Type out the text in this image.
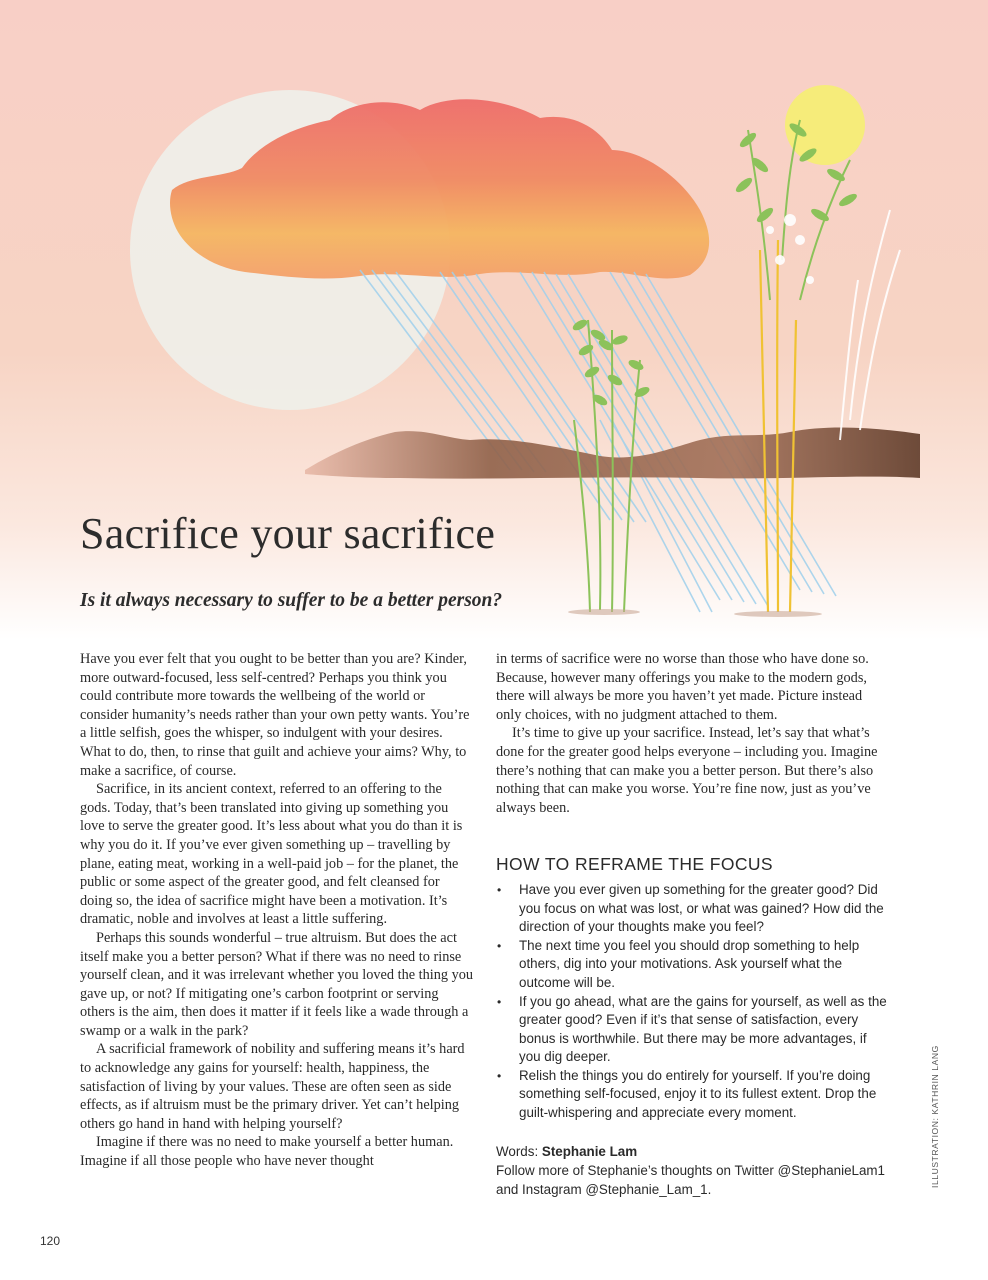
Sacrifice your sacrifice
Is it always necessary to suffer to be a better person?

Have you ever felt that you ought to be better than you are? Kinder, more outward-focused, less self-centred? Perhaps you think you could contribute more towards the wellbeing of the world or consider humanity’s needs rather than your own petty wants. You’re a little selfish, goes the whisper, so indulgent with your desires. What to do, then, to rinse that guilt and achieve your aims? Why, to make a sacrifice, of course.

Sacrifice, in its ancient context, referred to an offering to the gods. Today, that’s been translated into giving up something you love to serve the greater good. It’s less about what you do than it is why you do it. If you’ve ever given something up – travelling by plane, eating meat, working in a well-paid job – for the planet, the public or some aspect of the greater good, and felt cleansed for doing so, the idea of sacrifice might have been a motivation. It’s dramatic, noble and involves at least a little suffering.

Perhaps this sounds wonderful – true altruism. But does the act itself make you a better person? What if there was no need to rinse yourself clean, and it was irrelevant whether you loved the thing you gave up, or not? If mitigating one’s carbon footprint or serving others is the aim, then does it matter if it feels like a wade through a swamp or a walk in the park?

A sacrificial framework of nobility and suffering means it’s hard to acknowledge any gains for yourself: health, happiness, the satisfaction of living by your values. These are often seen as side effects, as if altruism must be the primary driver. Yet can’t helping others go hand in hand with helping yourself?

Imagine if there was no need to make yourself a better human. Imagine if all those people who have never thought

in terms of sacrifice were no worse than those who have done so. Because, however many offerings you make to the modern gods, there will always be more you haven’t yet made. Picture instead only choices, with no judgment attached to them.

It’s time to give up your sacrifice. Instead, let’s say that what’s done for the greater good helps everyone – including you. Imagine there’s nothing that can make you a better person. But there’s also nothing that can make you worse. You’re fine now, just as you’ve always been.

HOW TO REFRAME THE FOCUS
• Have you ever given up something for the greater good? Did you focus on what was lost, or what was gained? How did the direction of your thoughts make you feel?
• The next time you feel you should drop something to help others, dig into your motivations. Ask yourself what the outcome will be.
• If you go ahead, what are the gains for yourself, as well as the greater good? Even if it’s that sense of satisfaction, every bonus is worthwhile. But there may be more advantages, if you dig deeper.
• Relish the things you do entirely for yourself. If you’re doing something self-focused, enjoy it to its fullest extent. Drop the guilt-whispering and appreciate every moment.
Words: Stephanie Lam
Follow more of Stephanie’s thoughts on Twitter @StephanieLam1
and Instagram @Stephanie_Lam_1.
ILLUSTRATION: KATHRIN LANG
120
